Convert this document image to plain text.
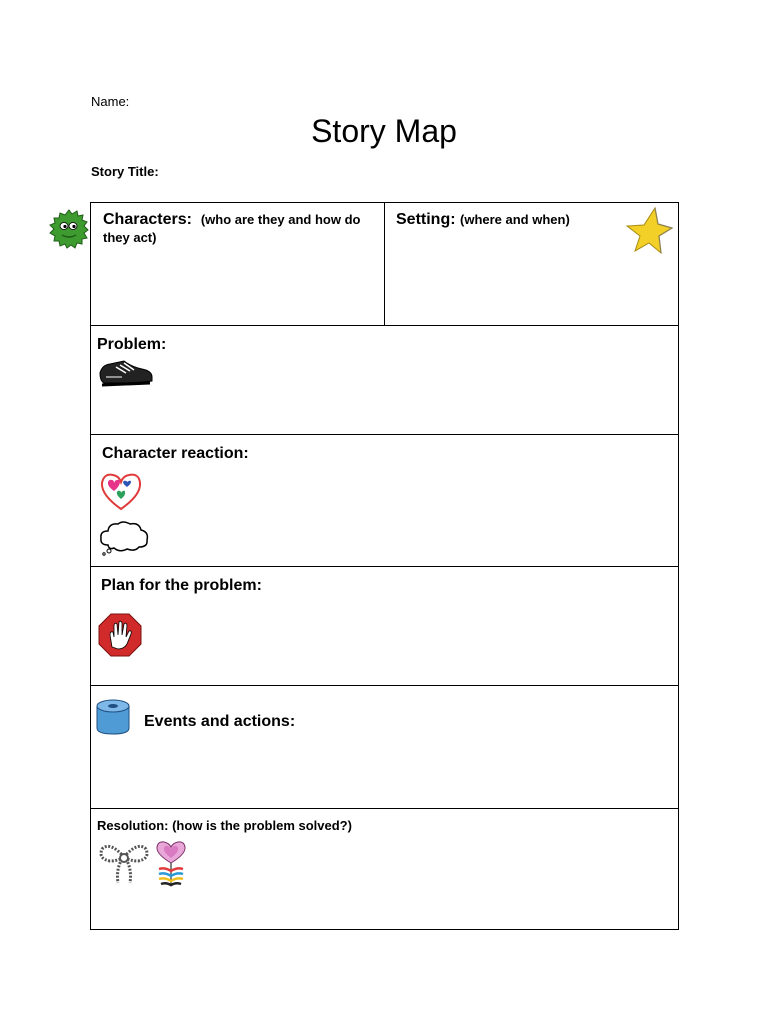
Name:
Story Map
Story Title:
Characters: (who are they and how do they act)
Setting: (where and when)
Problem:
Character reaction:
Plan for the problem:
Events and actions:
Resolution: (how is the problem solved?)
